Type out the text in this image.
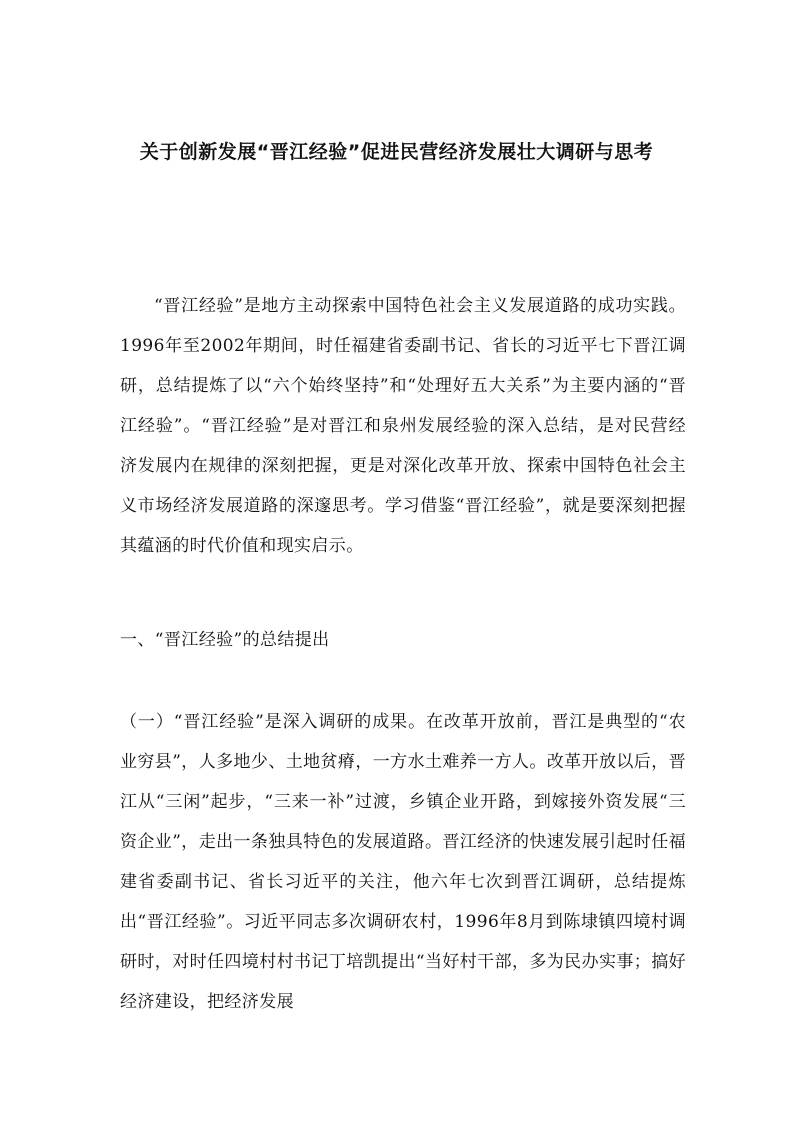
关于创新发展“晋江经验”促进民营经济发展壮大调研与思考

“晋江经验”是地方主动探索中国特色社会主义发展道路的成功实践。1996年至2002年期间，时任福建省委副书记、省长的习近平七下晋江调研，总结提炼了以“六个始终坚持”和“处理好五大关系”为主要内涵的“晋江经验”。“晋江经验”是对晋江和泉州发展经验的深入总结，是对民营经济发展内在规律的深刻把握，更是对深化改革开放、探索中国特色社会主义市场经济发展道路的深邃思考。学习借鉴“晋江经验”，就是要深刻把握其蕴涵的时代价值和现实启示。

一、“晋江经验”的总结提出

（一）“晋江经验”是深入调研的成果。在改革开放前，晋江是典型的“农业穷县”，人多地少、土地贫瘠，一方水土难养一方人。改革开放以后，晋江从“三闲”起步，“三来一补”过渡，乡镇企业开路，到嫁接外资发展“三资企业”，走出一条独具特色的发展道路。晋江经济的快速发展引起时任福建省委副书记、省长习近平的关注，他六年七次到晋江调研，总结提炼出“晋江经验”。习近平同志多次调研农村，1996年8月到陈埭镇四境村调研时，对时任四境村村书记丁培凯提出“当好村干部，多为民办实事；搞好经济建设，把经济发展
